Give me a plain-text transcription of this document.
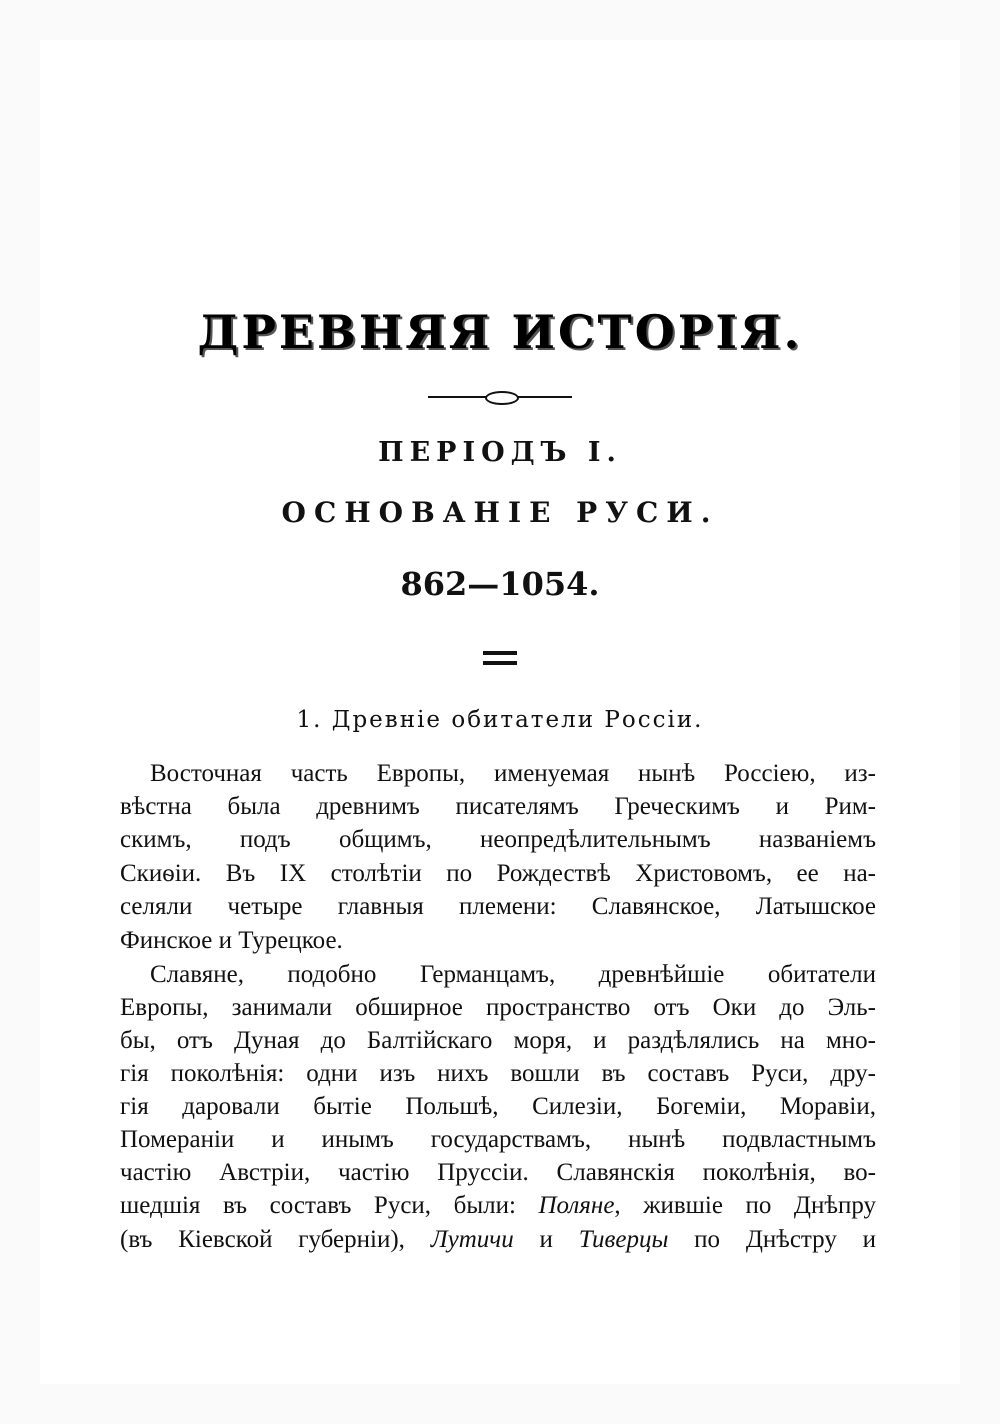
ДРЕВНЯЯ ИСТОРІЯ.
ПЕРІОДЪ I.
ОСНОВАНІЕ РУСИ.
862—1054.
1. Древніе обитатели Россіи.
Восточная часть Европы, именуемая нынѣ Россіею, из-
вѣстна была древнимъ писателямъ Греческимъ и Рим-
скимъ, подъ общимъ, неопредѣлительнымъ названіемъ
Скиѳіи. Въ IX столѣтіи по Рождествѣ Христовомъ, ее на-
селяли четыре главныя племени: Славянское, Латышское
Финское и Турецкое.
Славяне, подобно Германцамъ, древнѣйшіе обитатели
Европы, занимали обширное пространство отъ Оки до Эль-
бы, отъ Дуная до Балтійскаго моря, и раздѣлялись на мно-
гія поколѣнія: одни изъ нихъ вошли въ составъ Руси, дру-
гія даровали бытіе Польшѣ, Силезіи, Богеміи, Моравіи,
Помераніи и инымъ государствамъ, нынѣ подвластнымъ
частію Австріи, частію Пруссіи. Славянскія поколѣнія, во-
шедшія въ составъ Руси, были: Поляне, жившіе по Днѣпру
(въ Кіевской губерніи), Лутичи и Тиверцы по Днѣстру и
